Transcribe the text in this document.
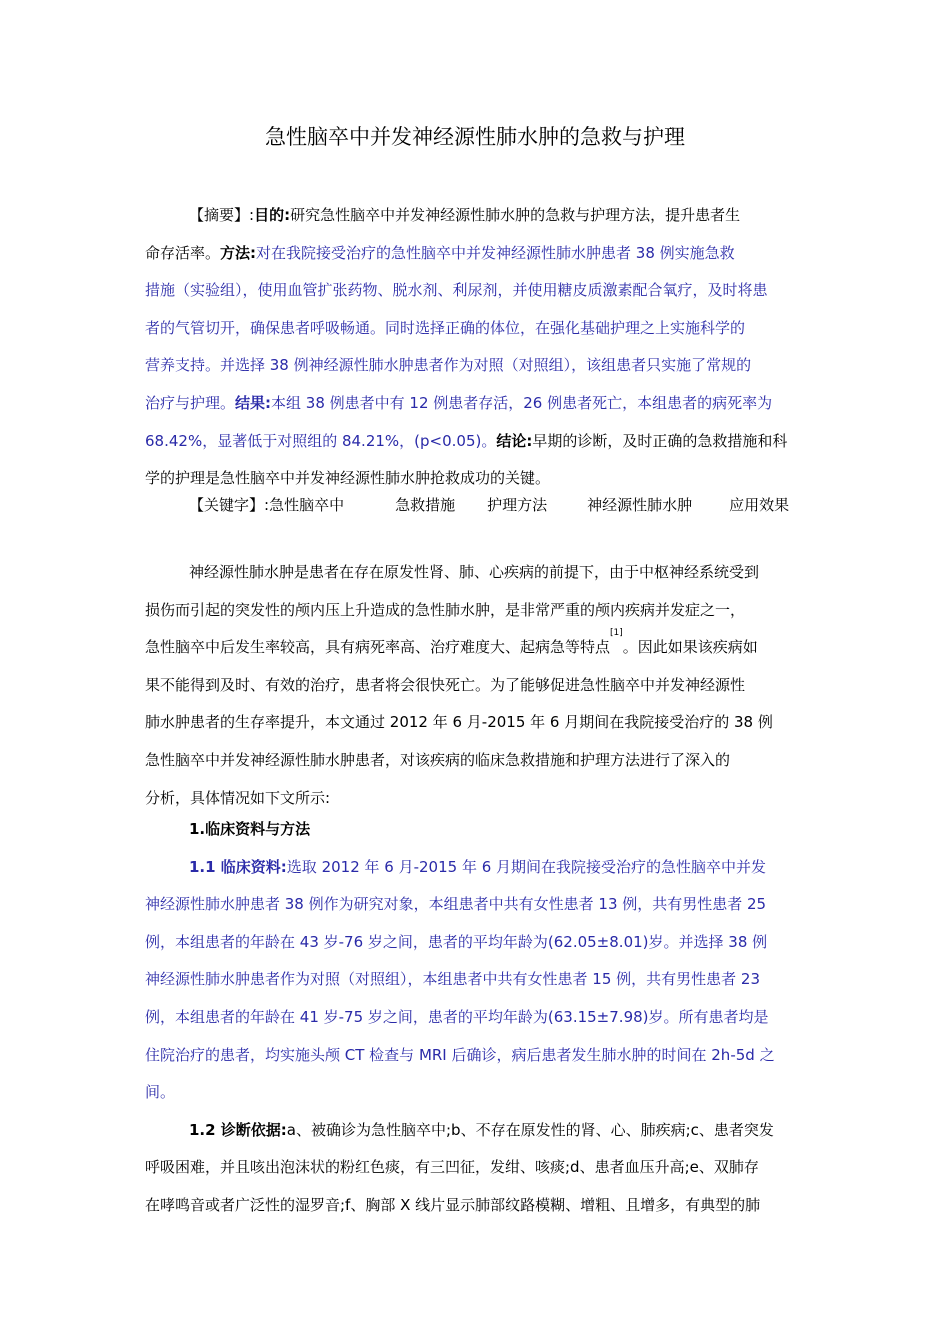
急性脑卒中并发神经源性肺水肿的急救与护理
【摘要】:目的:研究急性脑卒中并发神经源性肺水肿的急救与护理方法，提升患者生
命存活率。方法:对在我院接受治疗的急性脑卒中并发神经源性肺水肿患者 38 例实施急救
措施（实验组），使用血管扩张药物、脱水剂、利尿剂，并使用糖皮质激素配合氧疗，及时将患
者的气管切开，确保患者呼吸畅通。同时选择正确的体位，在强化基础护理之上实施科学的
营养支持。并选择 38 例神经源性肺水肿患者作为对照（对照组），该组患者只实施了常规的
治疗与护理。结果:本组 38 例患者中有 12 例患者存活，26 例患者死亡，本组患者的病死率为
68.42%，显著低于对照组的 84.21%，(p<0.05)。结论:早期的诊断，及时正确的急救措施和科
学的护理是急性脑卒中并发神经源性肺水肿抢救成功的关键。
【关键字】:急性脑卒中	急救措施 护理方法	神经源性肺水肿 应用效果
神经源性肺水肿是患者在存在原发性肾、肺、心疾病的前提下，由于中枢神经系统受到
损伤而引起的突发性的颅内压上升造成的急性肺水肿，是非常严重的颅内疾病并发症之一，
急性脑卒中后发生率较高，具有病死率高、治疗难度大、起病急等特点[1]。因此如果该疾病如
果不能得到及时、有效的治疗，患者将会很快死亡。为了能够促进急性脑卒中并发神经源性
肺水肿患者的生存率提升，本文通过 2012 年 6 月-2015 年 6 月期间在我院接受治疗的 38 例
急性脑卒中并发神经源性肺水肿患者，对该疾病的临床急救措施和护理方法进行了深入的
分析，具体情况如下文所示:
1.临床资料与方法
1.1 临床资料:选取 2012 年 6 月-2015 年 6 月期间在我院接受治疗的急性脑卒中并发
神经源性肺水肿患者 38 例作为研究对象，本组患者中共有女性患者 13 例，共有男性患者 25
例，本组患者的年龄在 43 岁-76 岁之间，患者的平均年龄为(62.05±8.01)岁。并选择 38 例
神经源性肺水肿患者作为对照（对照组），本组患者中共有女性患者 15 例，共有男性患者 23
例，本组患者的年龄在 41 岁-75 岁之间，患者的平均年龄为(63.15±7.98)岁。所有患者均是
住院治疗的患者，均实施头颅 CT 检查与 MRI 后确诊，病后患者发生肺水肿的时间在 2h-5d 之
间。
1.2 诊断依据:a、被确诊为急性脑卒中;b、不存在原发性的肾、心、肺疾病;c、患者突发
呼吸困难，并且咳出泡沫状的粉红色痰，有三凹征，发绀、咳痰;d、患者血压升高;e、双肺存
在哮鸣音或者广泛性的湿罗音;f、胸部 X 线片显示肺部纹路模糊、增粗、且增多，有典型的肺
